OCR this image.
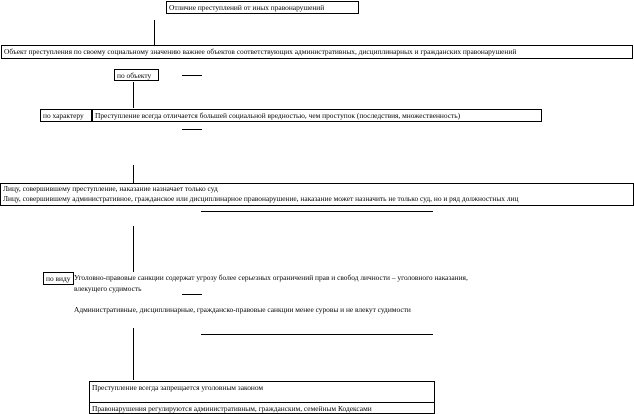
Отличие преступлений от иных правонарушений
Объект преступления по своему социальному значению важнее объектов соответствующих административных, дисциплинарных и гражданских правонарушений
по объекту
по характеру	Преступление всегда отличается большей социальной вредностью, чем проступок (последствия, множественность)
Лицу, совершившему преступление, наказание назначает только суд
Лицу, совершившему административное, гражданское или дисциплинарное правонарушение, наказание может назначить не только суд, но и ряд должностных лиц
по виду Уголовно-правовые санкции содержат угрозу более серьезных ограничений прав и свобод личности – уголовного наказания,
влекущего судимость
Административные, дисциплинарные, гражданско-правовые санкции менее суровы и не влекут судимости
Преступление всегда запрещается уголовным законом
Правонарушения регулируются административным, гражданским, семейным Кодексами
